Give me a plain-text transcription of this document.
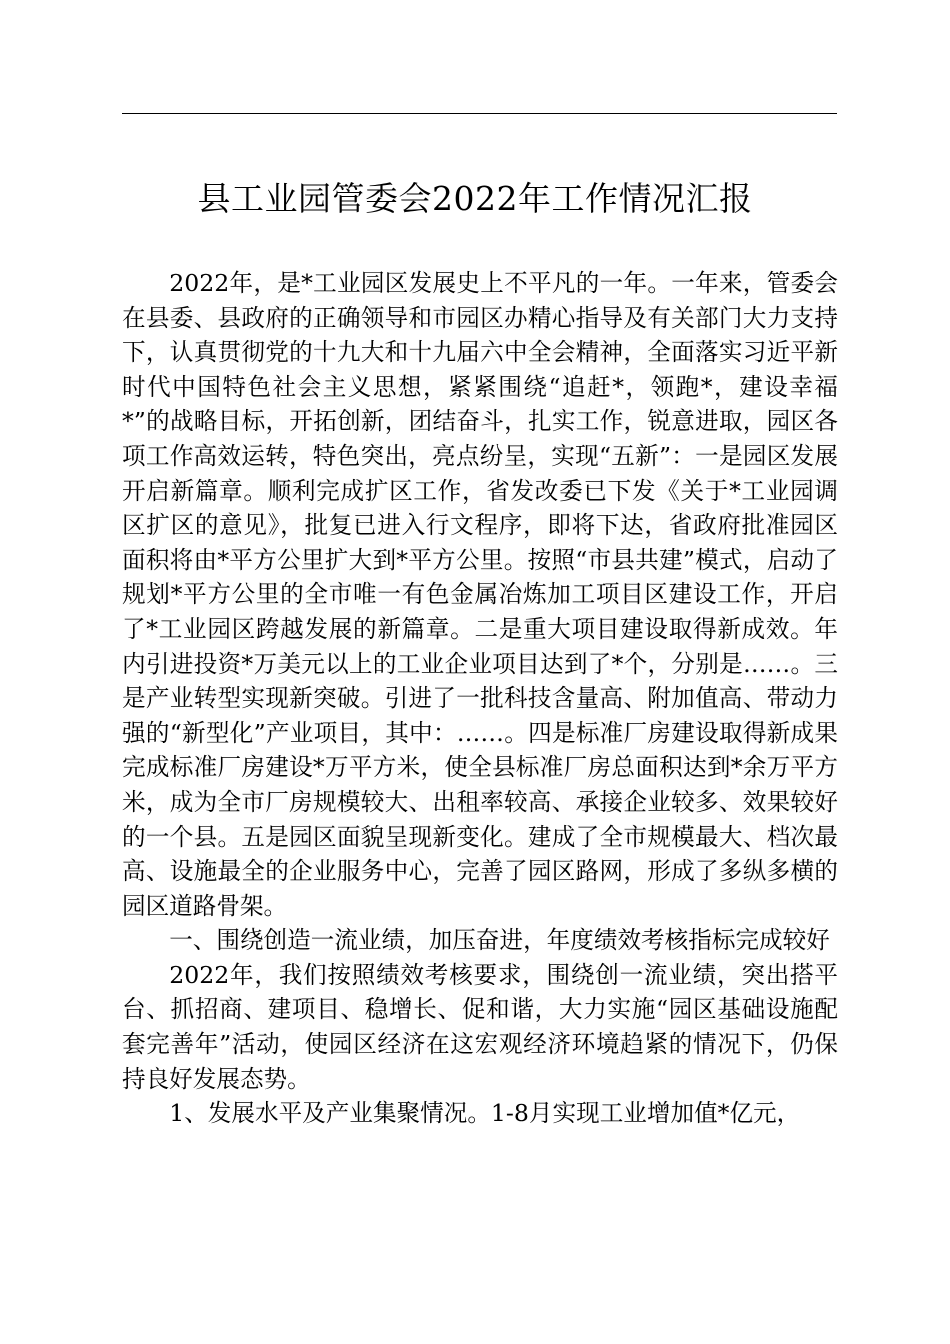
县工业园管委会2022年工作情况汇报

2022年，是*工业园区发展史上不平凡的一年。一年来，管委会在县委、县政府的正确领导和市园区办精心指导及有关部门大力支持下，认真贯彻党的十九大和十九届六中全会精神，全面落实习近平新时代中国特色社会主义思想，紧紧围绕“追赶*，领跑*，建设幸福*”的战略目标，开拓创新，团结奋斗，扎实工作，锐意进取，园区各项工作高效运转，特色突出，亮点纷呈，实现“五新”：一是园区发展开启新篇章。顺利完成扩区工作，省发改委已下发《关于*工业园调区扩区的意见》，批复已进入行文程序，即将下达，省政府批准园区面积将由*平方公里扩大到*平方公里。按照“市县共建”模式，启动了规划*平方公里的全市唯一有色金属冶炼加工项目区建设工作，开启了*工业园区跨越发展的新篇章。二是重大项目建设取得新成效。年内引进投资*万美元以上的工业企业项目达到了*个，分别是……。三是产业转型实现新突破。引进了一批科技含量高、附加值高、带动力强的“新型化”产业项目，其中：……。四是标准厂房建设取得新成果完成标准厂房建设*万平方米，使全县标准厂房总面积达到*余万平方米，成为全市厂房规模较大、出租率较高、承接企业较多、效果较好的一个县。五是园区面貌呈现新变化。建成了全市规模最大、档次最高、设施最全的企业服务中心，完善了园区路网，形成了多纵多横的园区道路骨架。

一、围绕创造一流业绩，加压奋进，年度绩效考核指标完成较好

2022年，我们按照绩效考核要求，围绕创一流业绩，突出搭平台、抓招商、建项目、稳增长、促和谐，大力实施“园区基础设施配套完善年”活动，使园区经济在这宏观经济环境趋紧的情况下，仍保持良好发展态势。

1、发展水平及产业集聚情况。1-8月实现工业增加值*亿元，
